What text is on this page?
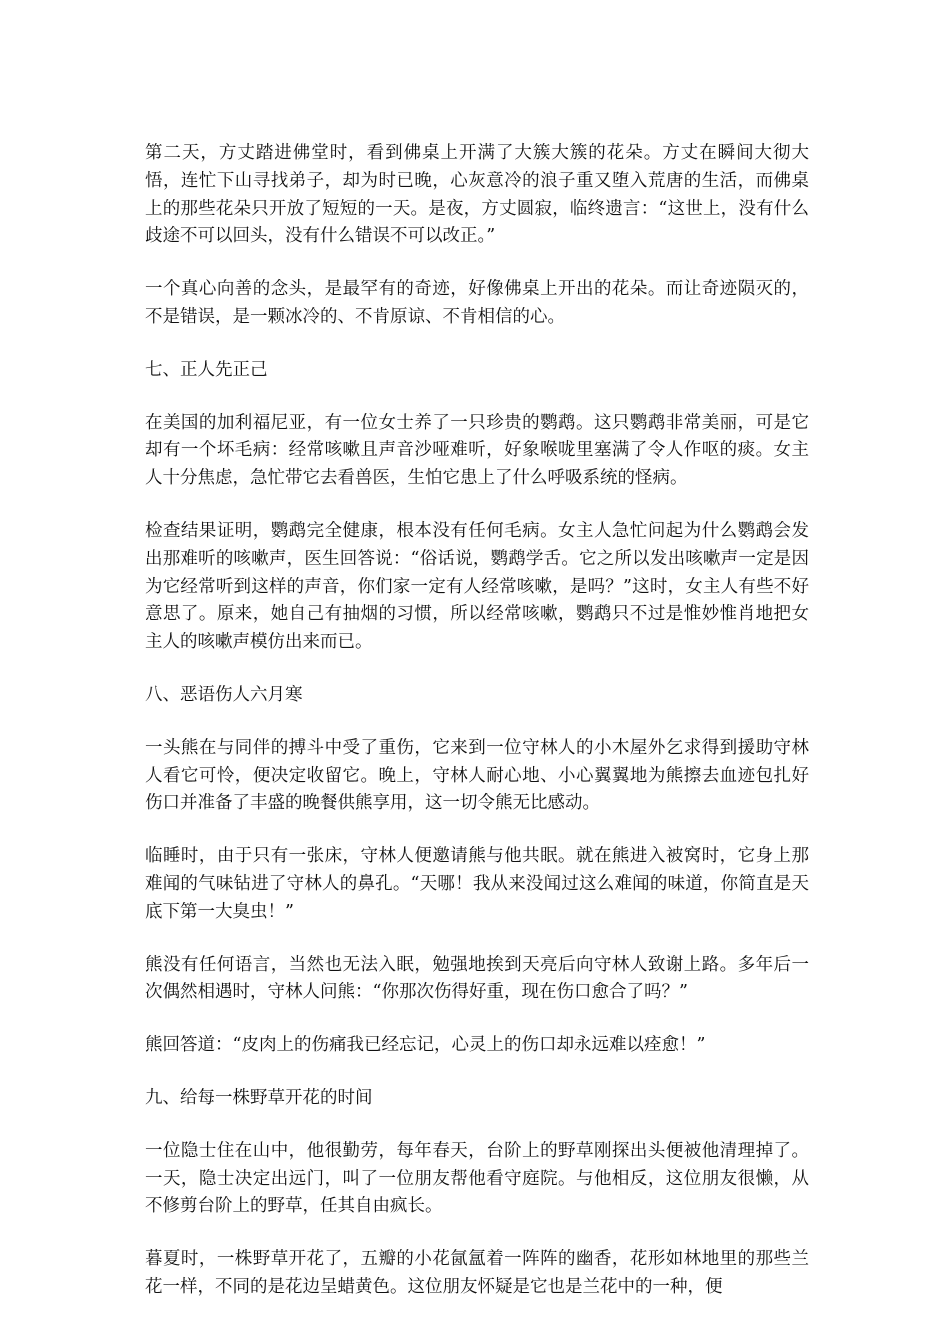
第二天，方丈踏进佛堂时，看到佛桌上开满了大簇大簇的花朵。方丈在瞬间大彻大悟，连忙下山寻找弟子，却为时已晚，心灰意冷的浪子重又堕入荒唐的生活，而佛桌上的那些花朵只开放了短短的一天。是夜，方丈圆寂，临终遗言：“这世上，没有什么歧途不可以回头，没有什么错误不可以改正。”

一个真心向善的念头，是最罕有的奇迹，好像佛桌上开出的花朵。而让奇迹陨灭的，不是错误，是一颗冰冷的、不肯原谅、不肯相信的心。

七、正人先正己

在美国的加利福尼亚，有一位女士养了一只珍贵的鹦鹉。这只鹦鹉非常美丽，可是它却有一个坏毛病：经常咳嗽且声音沙哑难听，好象喉咙里塞满了令人作呕的痰。女主人十分焦虑，急忙带它去看兽医，生怕它患上了什么呼吸系统的怪病。

检查结果证明，鹦鹉完全健康，根本没有任何毛病。女主人急忙问起为什么鹦鹉会发出那难听的咳嗽声，医生回答说：“俗话说，鹦鹉学舌。它之所以发出咳嗽声一定是因为它经常听到这样的声音，你们家一定有人经常咳嗽，是吗？”这时，女主人有些不好意思了。原来，她自己有抽烟的习惯，所以经常咳嗽，鹦鹉只不过是惟妙惟肖地把女主人的咳嗽声模仿出来而已。

八、恶语伤人六月寒

一头熊在与同伴的搏斗中受了重伤，它来到一位守林人的小木屋外乞求得到援助守林人看它可怜，便决定收留它。晚上，守林人耐心地、小心翼翼地为熊擦去血迹包扎好伤口并准备了丰盛的晚餐供熊享用，这一切令熊无比感动。

临睡时，由于只有一张床，守林人便邀请熊与他共眠。就在熊进入被窝时，它身上那难闻的气味钻进了守林人的鼻孔。“天哪！我从来没闻过这么难闻的味道，你简直是天底下第一大臭虫！”

熊没有任何语言，当然也无法入眠，勉强地挨到天亮后向守林人致谢上路。多年后一次偶然相遇时，守林人问熊：“你那次伤得好重，现在伤口愈合了吗？”

熊回答道：“皮肉上的伤痛我已经忘记，心灵上的伤口却永远难以痊愈！”

九、给每一株野草开花的时间

一位隐士住在山中，他很勤劳，每年春天，台阶上的野草刚探出头便被他清理掉了。一天，隐士决定出远门，叫了一位朋友帮他看守庭院。与他相反，这位朋友很懒，从不修剪台阶上的野草，任其自由疯长。

暮夏时，一株野草开花了，五瓣的小花氤氲着一阵阵的幽香，花形如林地里的那些兰花一样，不同的是花边呈蜡黄色。这位朋友怀疑是它也是兰花中的一种，便
